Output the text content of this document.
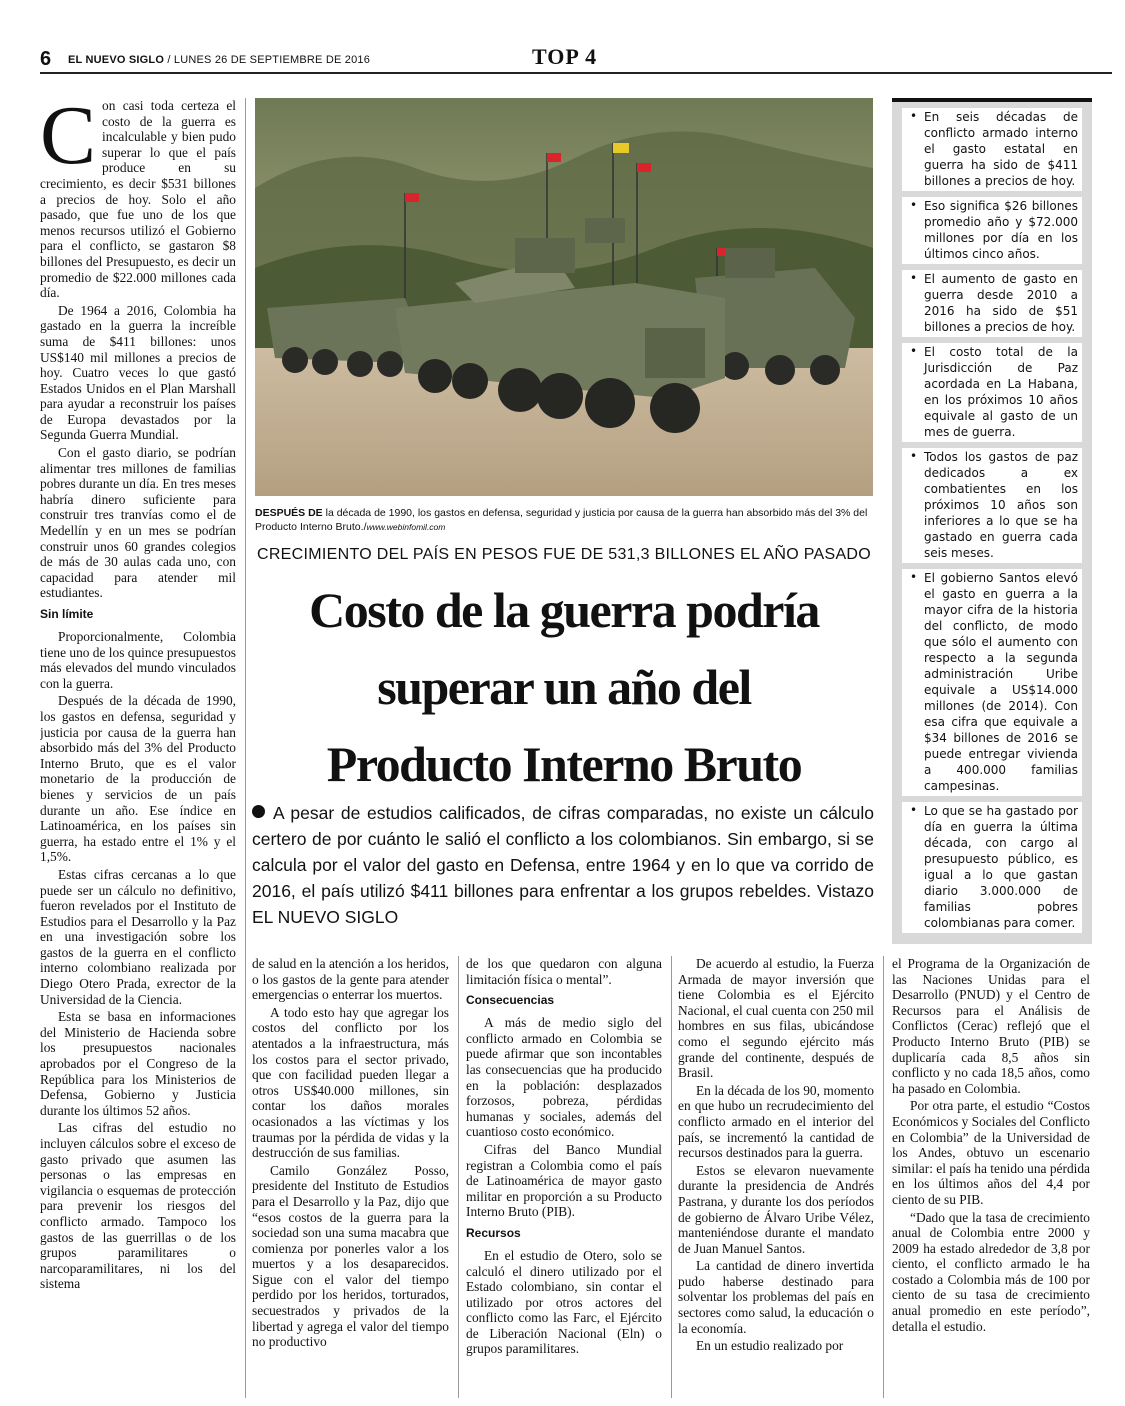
6 EL NUEVO SIGLO / LUNES 26 DE SEPTIEMBRE DE 2016	TOP 4

Con casi toda certeza el costo de la guerra es incalculable y bien pudo superar lo que el país produce en su crecimiento, es decir $531 billones a precios de hoy. Solo el año pasado, que fue uno de los que menos recursos utilizó el Gobierno para el conflicto, se gastaron $8 billones del Presupuesto, es decir un promedio de $22.000 millones cada día.

De 1964 a 2016, Colombia ha gastado en la guerra la increíble suma de $411 billones: unos US$140 mil millones a precios de hoy. Cuatro veces lo que gastó Estados Unidos en el Plan Marshall para ayudar a reconstruir los países de Europa devastados por la Segunda Guerra Mundial.

Con el gasto diario, se podrían alimentar tres millones de familias pobres durante un día. En tres meses habría dinero suficiente para construir tres tranvías como el de Medellín y en un mes se podrían construir unos 60 grandes colegios de más de 30 aulas cada uno, con capacidad para atender mil estudiantes.

Sin límite

Proporcionalmente, Colombia tiene uno de los quince presupuestos más elevados del mundo vinculados con la guerra.

Después de la década de 1990, los gastos en defensa, seguridad y justicia por causa de la guerra han absorbido más del 3% del Producto Interno Bruto, que es el valor monetario de la producción de bienes y servicios de un país durante un año. Ese índice en Latinoamérica, en los países sin guerra, ha estado entre el 1% y el 1,5%.

Estas cifras cercanas a lo que puede ser un cálculo no definitivo, fueron revelados por el Instituto de Estudios para el Desarrollo y la Paz en una investigación sobre los gastos de la guerra en el conflicto interno colombiano realizada por Diego Otero Prada, exrector de la Universidad de la Ciencia.

Esta se basa en informaciones del Ministerio de Hacienda sobre los presupuestos nacionales aprobados por el Congreso de la República para los Ministerios de Defensa, Gobierno y Justicia durante los últimos 52 años.

Las cifras del estudio no incluyen cálculos sobre el exceso de gasto privado que asumen las personas o las empresas en vigilancia o esquemas de protección para prevenir los riesgos del conflicto armado. Tampoco los gastos de las guerrillas o de los grupos paramilitares o narcoparamilitares, ni los del sistema

DESPUÉS DE la década de 1990, los gastos en defensa, seguridad y justicia por causa de la guerra han absorbido más del 3% del Producto Interno Bruto./www.webinfomil.com
CRECIMIENTO DEL PAÍS EN PESOS FUE DE 531,3 BILLONES EL AÑO PASADO
Costo de la guerra podría
superar un año del
Producto Interno Bruto
A pesar de estudios calificados, de cifras comparadas, no existe un cálculo certero de por cuánto le salió el conflicto a los colombianos. Sin embargo, si se calcula por el valor del gasto en Defensa, entre 1964 y en lo que va corrido de 2016, el país utilizó $411 billones para enfrentar a los grupos rebeldes. Vistazo EL NUEVO SIGLO

de salud en la atención a los heridos, o los gastos de la gente para atender emergencias o enterrar los muertos.

A todo esto hay que agregar los costos del conflicto por los atentados a la infraestructura, más los costos para el sector privado, que con facilidad pueden llegar a otros US$40.000 millones, sin contar los daños morales ocasionados a las víctimas y los traumas por la pérdida de vidas y la destrucción de sus familias.

Camilo González Posso, presidente del Instituto de Estudios para el Desarrollo y la Paz, dijo que “esos costos de la guerra para la sociedad son una suma macabra que comienza por ponerles valor a los muertos y a los desaparecidos. Sigue con el valor del tiempo perdido por los heridos, torturados, secuestrados y privados de la libertad y agrega el valor del tiempo no productivo

de los que quedaron con alguna limitación física o mental”.

Consecuencias

A más de medio siglo del conflicto armado en Colombia se puede afirmar que son incontables las consecuencias que ha producido en la población: desplazados forzosos, pobreza, pérdidas humanas y sociales, además del cuantioso costo económico.

Cifras del Banco Mundial registran a Colombia como el país de Latinoamérica de mayor gasto militar en proporción a su Producto Interno Bruto (PIB).

Recursos

En el estudio de Otero, solo se calculó el dinero utilizado por el Estado colombiano, sin contar el utilizado por otros actores del conflicto como las Farc, el Ejército de Liberación Nacional (Eln) o grupos paramilitares.

De acuerdo al estudio, la Fuerza Armada de mayor inversión que tiene Colombia es el Ejército Nacional, el cual cuenta con 250 mil hombres en sus filas, ubicándose como el segundo ejército más grande del continente, después de Brasil.

En la década de los 90, momento en que hubo un recrudecimiento del conflicto armado en el interior del país, se incrementó la cantidad de recursos destinados para la guerra.

Estos se elevaron nuevamente durante la presidencia de Andrés Pastrana, y durante los dos períodos de gobierno de Álvaro Uribe Vélez, manteniéndose durante el mandato de Juan Manuel Santos.

La cantidad de dinero invertida pudo haberse destinado para solventar los problemas del país en sectores como salud, la educación o la economía.

En un estudio realizado por

el Programa de la Organización de las Naciones Unidas para el Desarrollo (PNUD) y el Centro de Recursos para el Análisis de Conflictos (Cerac) reflejó que el Producto Interno Bruto (PIB) se duplicaría cada 8,5 años sin conflicto y no cada 18,5 años, como ha pasado en Colombia.

Por otra parte, el estudio “Costos Económicos y Sociales del Conflicto en Colombia” de la Universidad de los Andes, obtuvo un escenario similar: el país ha tenido una pérdida en los últimos años del 4,4 por ciento de su PIB.

“Dado que la tasa de crecimiento anual de Colombia entre 2000 y 2009 ha estado alrededor de 3,8 por ciento, el conflicto armado le ha costado a Colombia más de 100 por ciento de su tasa de crecimiento anual promedio en este período”, detalla el estudio.

• En seis décadas de conflicto armado interno el gasto estatal en guerra ha sido de $411 billones a precios de hoy.
• Eso significa $26 billones promedio año y $72.000 millones por día en los últimos cinco años.
• El aumento de gasto en guerra desde 2010 a 2016 ha sido de $51 billones a precios de hoy.
• El costo total de la Jurisdicción de Paz acordada en La Habana, en los próximos 10 años equivale al gasto de un mes de guerra.
• Todos los gastos de paz dedicados a ex combatientes en los próximos 10 años son inferiores a lo que se ha gastado en guerra cada seis meses.
• El gobierno Santos elevó el gasto en guerra a la mayor cifra de la historia del conflicto, de modo que sólo el aumento con respecto a la segunda administración Uribe equivale a US$14.000 millones (de 2014). Con esa cifra que equivale a $34 billones de 2016 se puede entregar vivienda a 400.000 familias campesinas.
• Lo que se ha gastado por día en guerra la última década, con cargo al presupuesto público, es igual a lo que gastan diario 3.000.000 de familias pobres colombianas para comer.
